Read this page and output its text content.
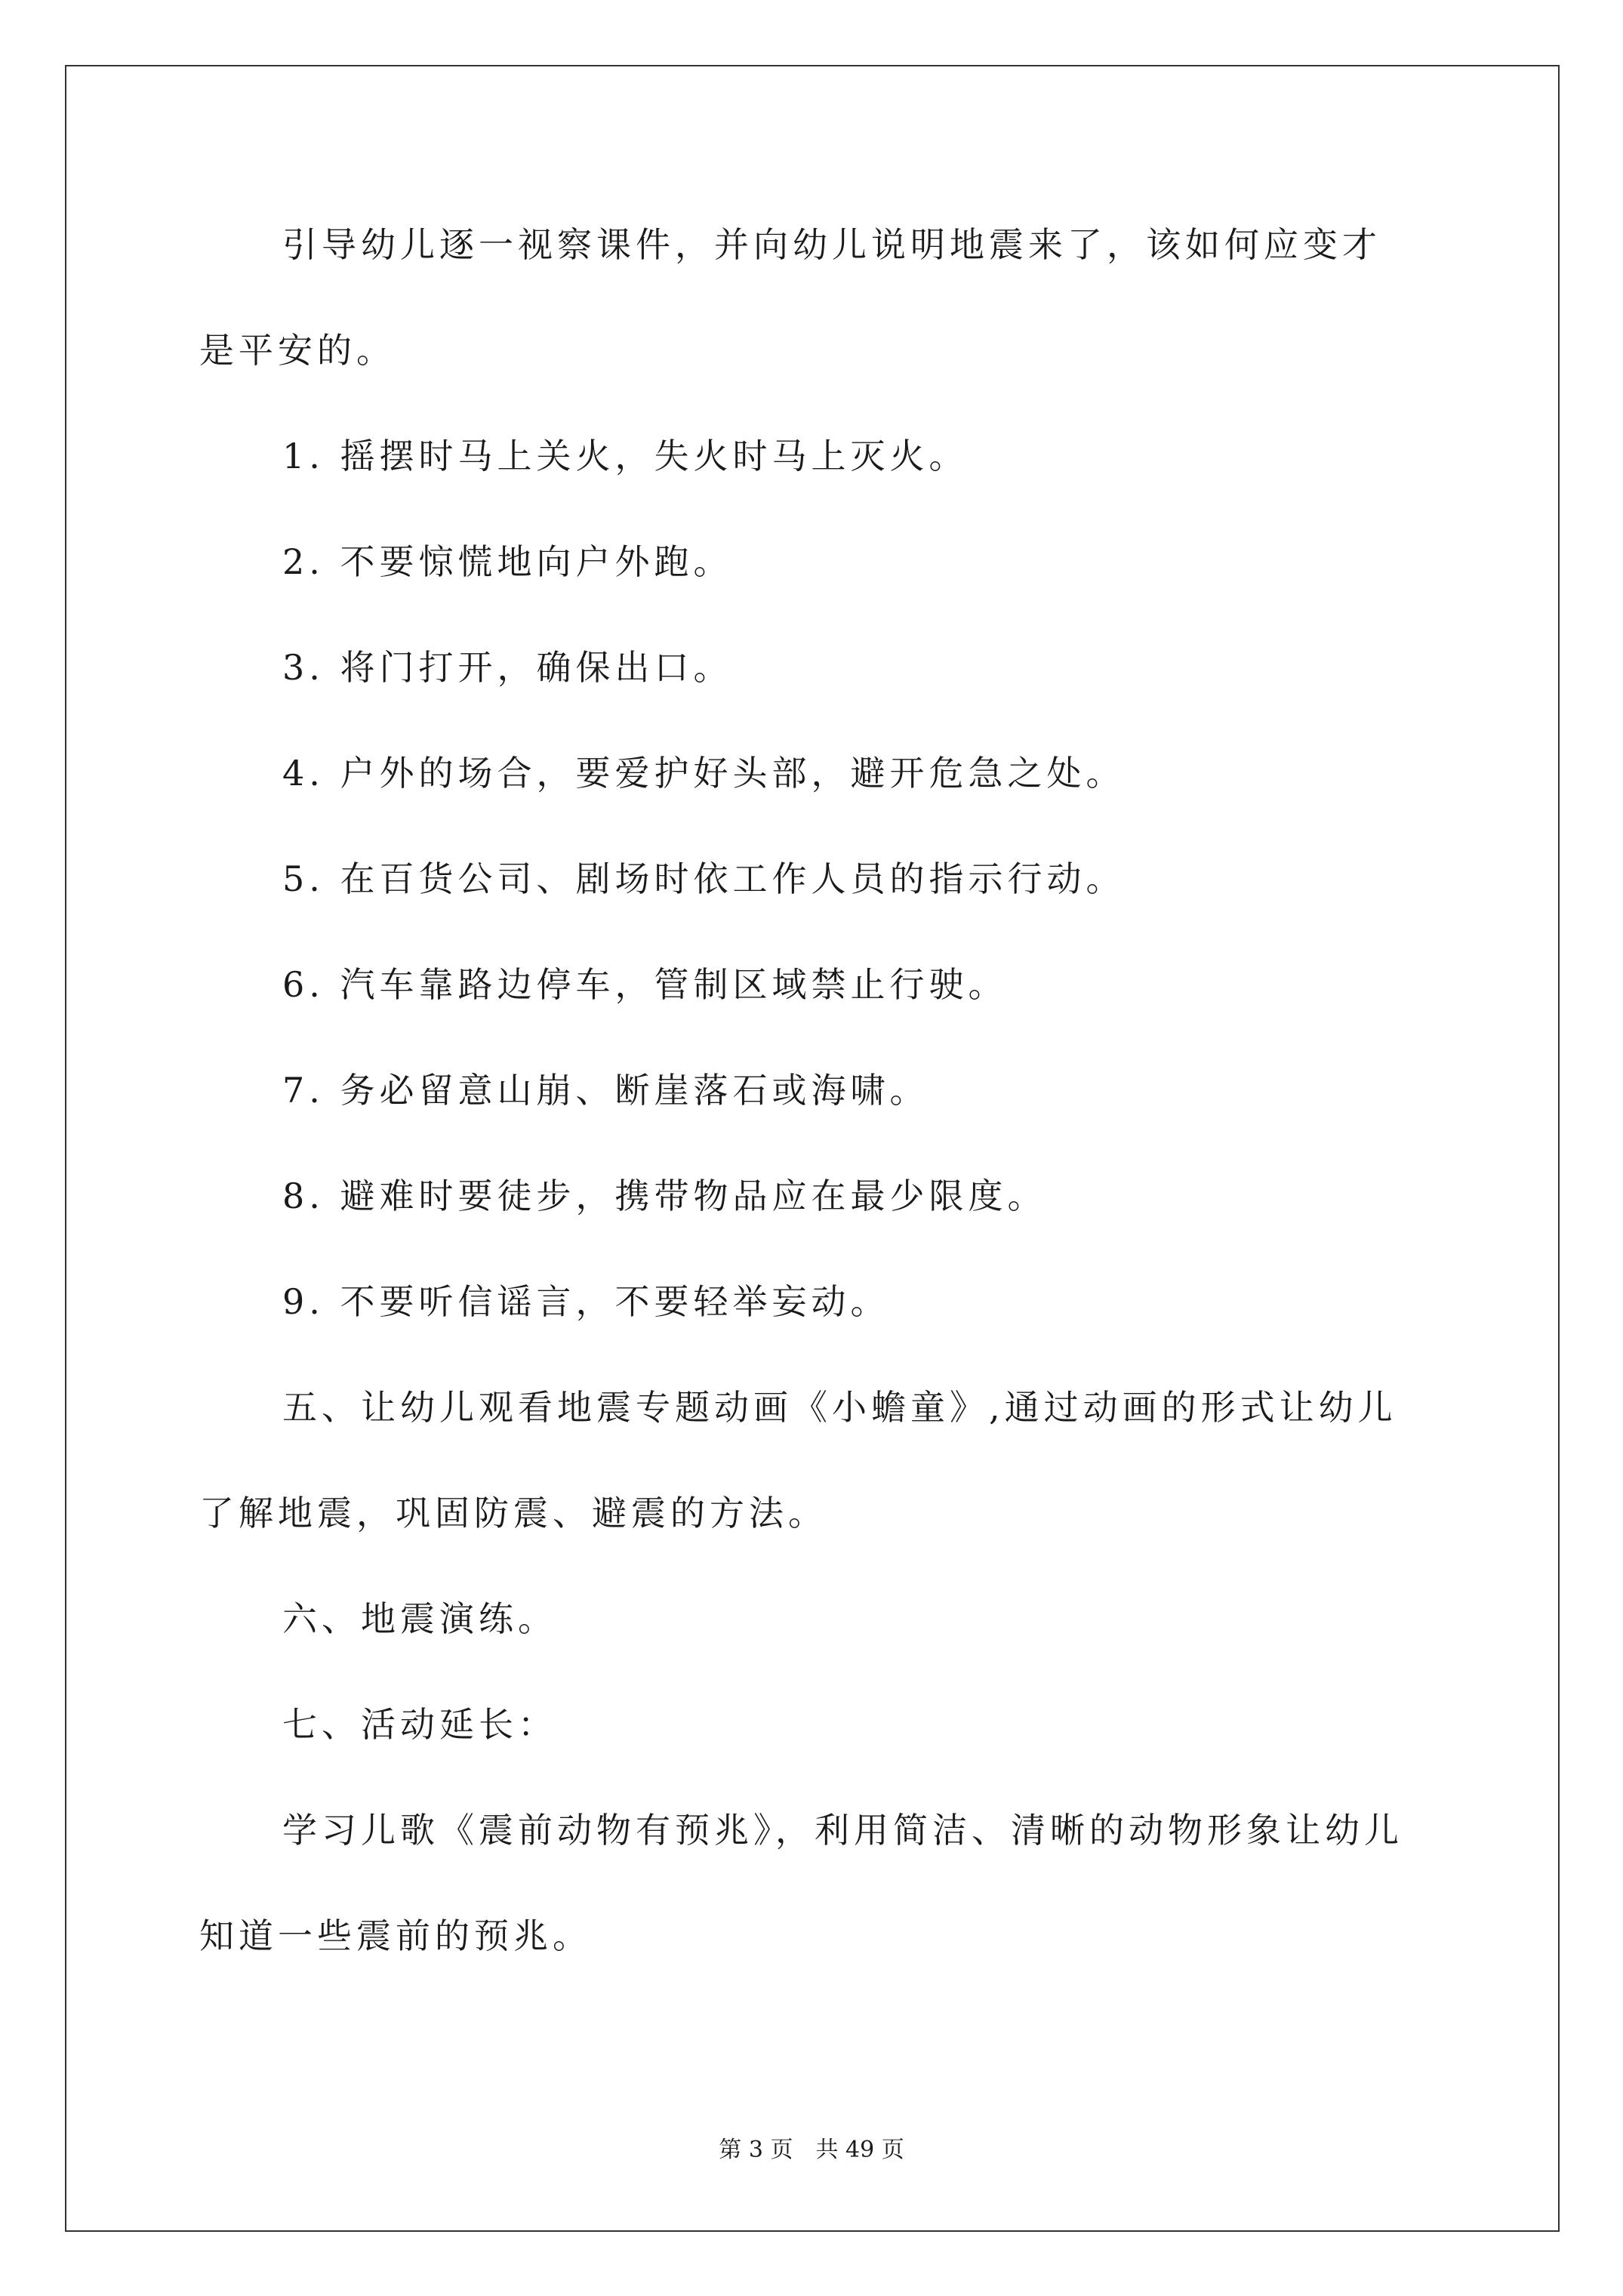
引导幼儿逐一视察课件，并向幼儿说明地震来了，该如何应变才
是平安的。
1. 摇摆时马上关火，失火时马上灭火。
2. 不要惊慌地向户外跑。
3. 将门打开，确保出口。
4. 户外的场合，要爱护好头部，避开危急之处。
5. 在百货公司、剧场时依工作人员的指示行动。
6. 汽车靠路边停车，管制区域禁止行驶。
7. 务必留意山崩、断崖落石或海啸。
8. 避难时要徒步，携带物品应在最少限度。
9. 不要听信谣言，不要轻举妄动。
五、让幼儿观看地震专题动画《小蟾童》,通过动画的形式让幼儿
了解地震，巩固防震、避震的方法。
六、地震演练。
七、活动延长：
学习儿歌《震前动物有预兆》，利用简洁、清晰的动物形象让幼儿
知道一些震前的预兆。
第 3 页　共 49 页
